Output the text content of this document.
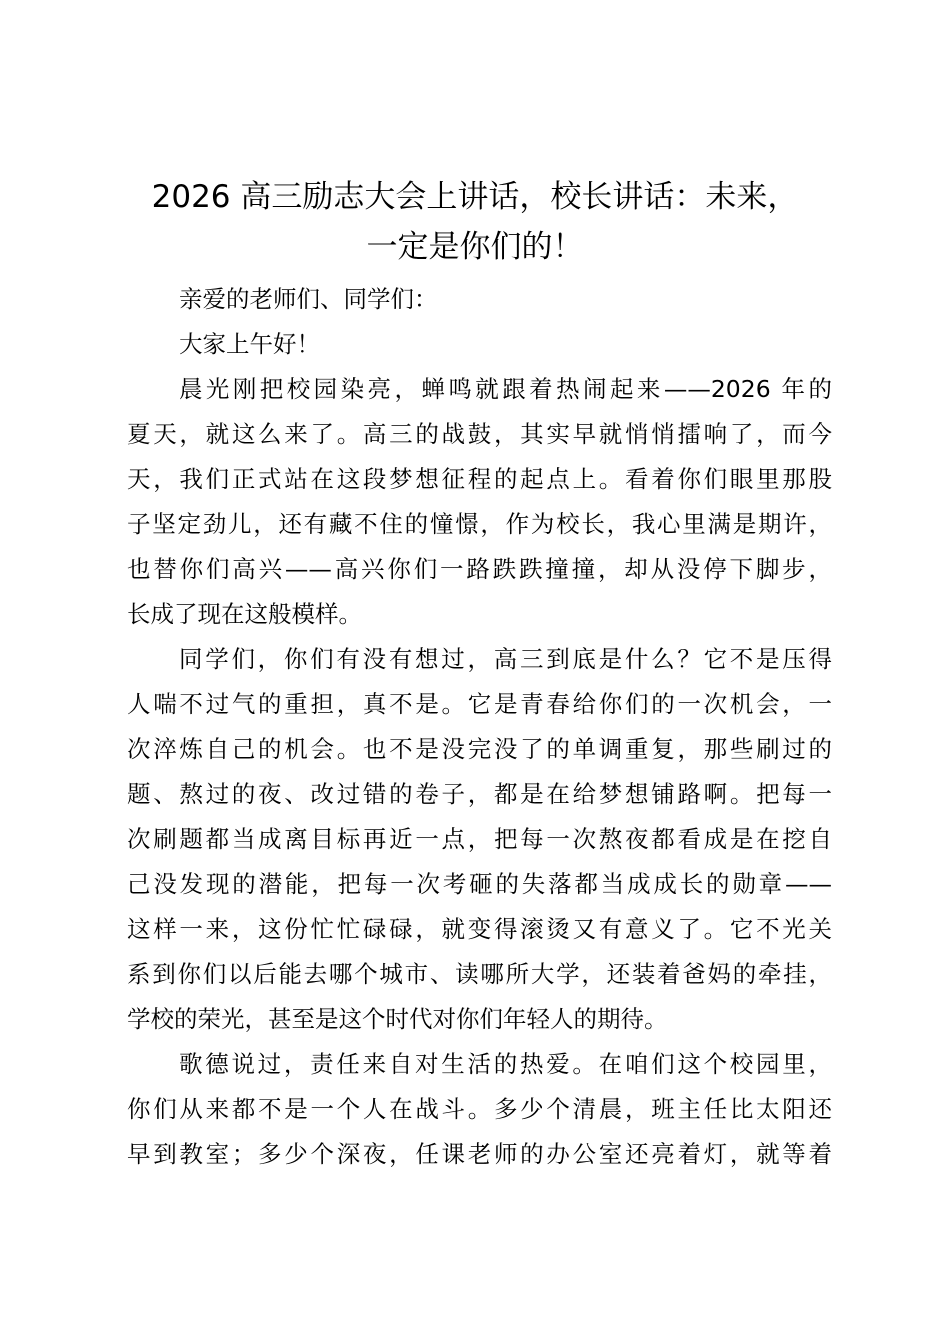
2026 高三励志大会上讲话，校长讲话：未来，
一定是你们的！
亲爱的老师们、同学们：
大家上午好！
晨光刚把校园染亮，蝉鸣就跟着热闹起来——2026 年的
夏天，就这么来了。高三的战鼓，其实早就悄悄擂响了，而今
天，我们正式站在这段梦想征程的起点上。看着你们眼里那股
子坚定劲儿，还有藏不住的憧憬，作为校长，我心里满是期许，
也替你们高兴——高兴你们一路跌跌撞撞，却从没停下脚步，
长成了现在这般模样。
同学们，你们有没有想过，高三到底是什么？它不是压得
人喘不过气的重担，真不是。它是青春给你们的一次机会，一
次淬炼自己的机会。也不是没完没了的单调重复，那些刷过的
题、熬过的夜、改过错的卷子，都是在给梦想铺路啊。把每一
次刷题都当成离目标再近一点，把每一次熬夜都看成是在挖自
己没发现的潜能，把每一次考砸的失落都当成成长的勋章——
这样一来，这份忙忙碌碌，就变得滚烫又有意义了。它不光关
系到你们以后能去哪个城市、读哪所大学，还装着爸妈的牵挂，
学校的荣光，甚至是这个时代对你们年轻人的期待。
歌德说过，责任来自对生活的热爱。在咱们这个校园里，
你们从来都不是一个人在战斗。多少个清晨，班主任比太阳还
早到教室；多少个深夜，任课老师的办公室还亮着灯，就等着
